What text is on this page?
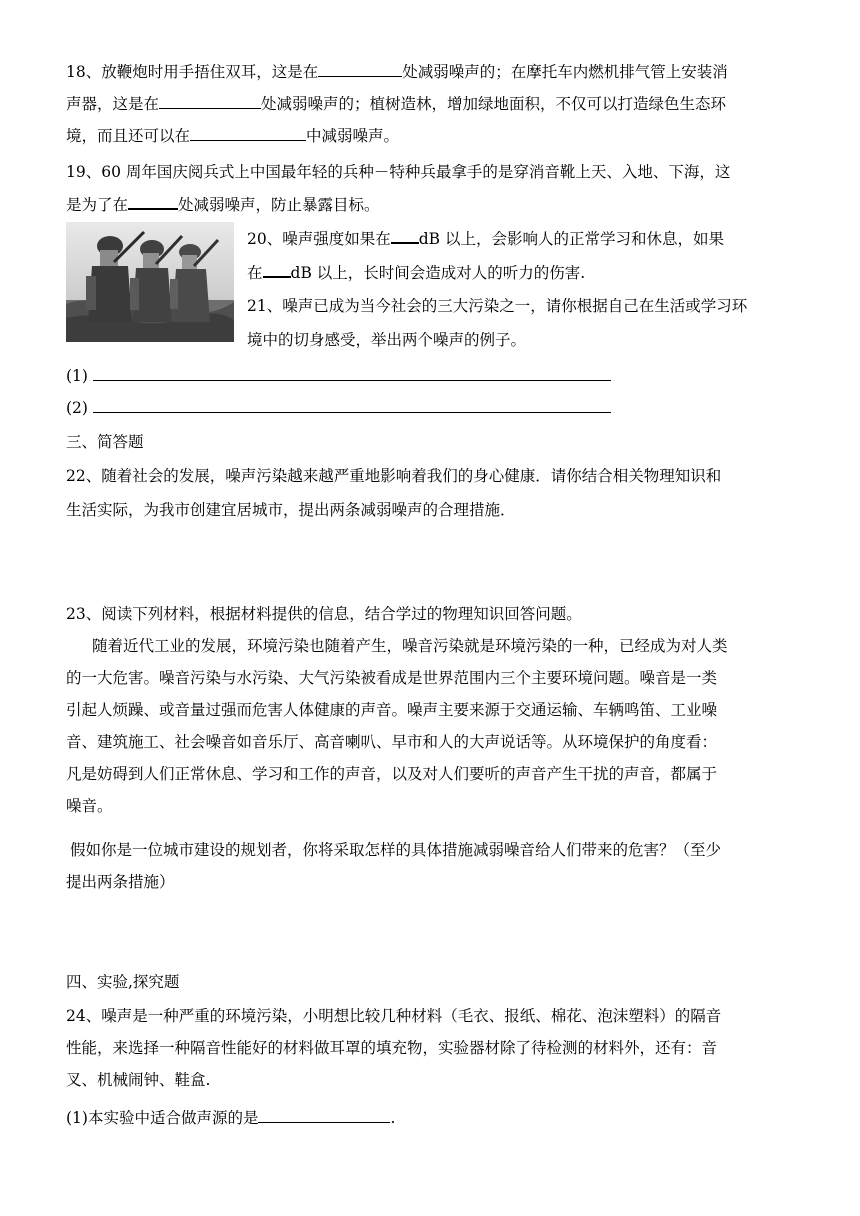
18、放鞭炮时用手捂住双耳，这是在	处减弱噪声的；在摩托车内燃机排气管上安装消
声器，这是在	处减弱噪声的；植树造林，增加绿地面积，不仅可以打造绿色生态环
境，而且还可以在	中减弱噪声。
19、60 周年国庆阅兵式上中国最年轻的兵种－特种兵最拿手的是穿消音靴上天、入地、下海，这
是为了在	处减弱噪声，防止暴露目标。
20、噪声强度如果在 dB 以上，会影响人的正常学习和休息，如果
在 dB 以上，长时间会造成对人的听力的伤害.
21、噪声已成为当今社会的三大污染之一，请你根据自己在生活或学习环
境中的切身感受，举出两个噪声的例子。
(1)
(2)
三、简答题
22、随着社会的发展，噪声污染越来越严重地影响着我们的身心健康．请你结合相关物理知识和
生活实际，为我市创建宜居城市，提出两条减弱噪声的合理措施．
23、阅读下列材料，根据材料提供的信息，结合学过的物理知识回答问题。
随着近代工业的发展，环境污染也随着产生，噪音污染就是环境污染的一种，已经成为对人类
的一大危害。噪音污染与水污染、大气污染被看成是世界范围内三个主要环境问题。噪音是一类
引起人烦躁、或音量过强而危害人体健康的声音。噪声主要来源于交通运输、车辆鸣笛、工业噪
音、建筑施工、社会噪音如音乐厅、高音喇叭、早市和人的大声说话等。从环境保护的角度看：
凡是妨碍到人们正常休息、学习和工作的声音，以及对人们要听的声音产生干扰的声音，都属于
噪音。
假如你是一位城市建设的规划者，你将采取怎样的具体措施减弱噪音给人们带来的危害？（至少
提出两条措施）
四、实验,探究题
24、噪声是一种严重的环境污染，小明想比较几种材料（毛衣、报纸、棉花、泡沫塑料）的隔音
性能，来选择一种隔音性能好的材料做耳罩的填充物，实验器材除了待检测的材料外，还有：音
叉、机械闹钟、鞋盒.
(1)本实验中适合做声源的是	.
